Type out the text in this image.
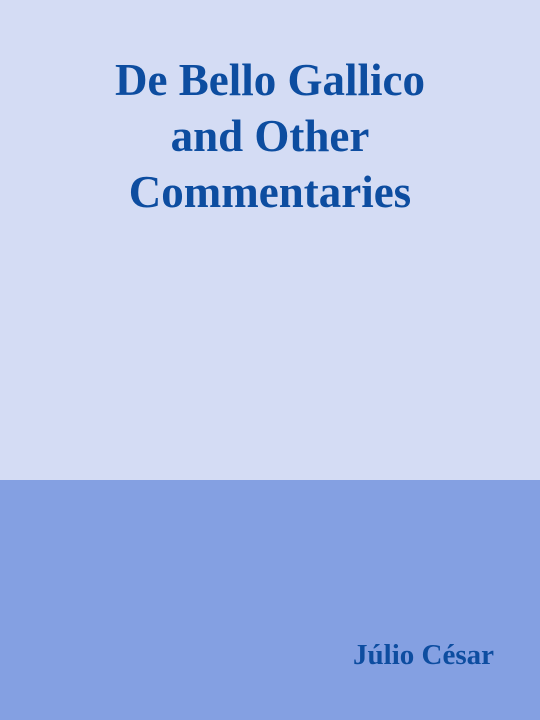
De Bello Gallico
and Other
Commentaries

Júlio César
